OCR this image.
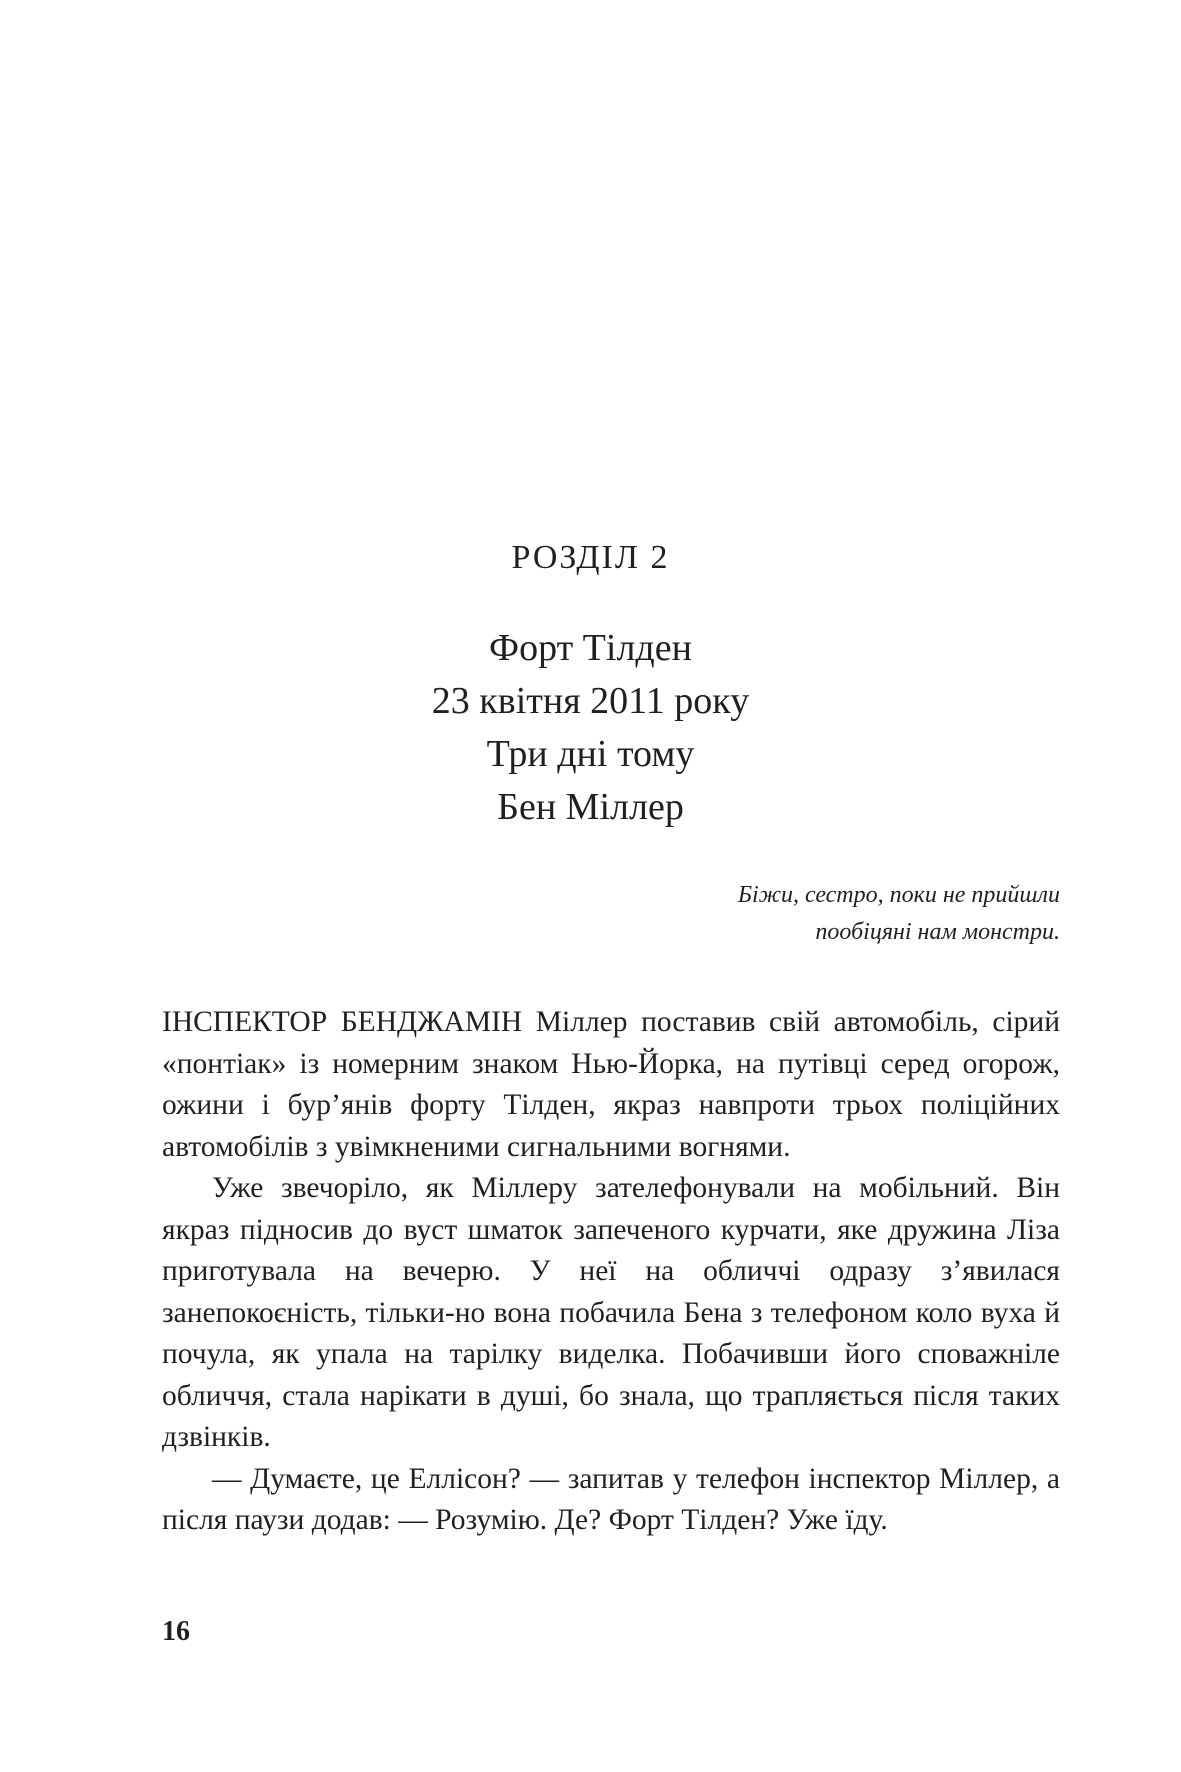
РОЗДІЛ 2
Форт Тілден
23 квітня 2011 року
Три дні тому
Бен Міллер
Біжи, сестро, поки не прийшли
пообіцяні нам монстри.

ІНСПЕКТОР БЕНДЖАМІН Міллер поставив свій автомобіль, сірий «понтіак» із номерним знаком Нью-Йорка, на путівці серед огорож, ожини і бур’янів форту Тілден, якраз навпроти трьох поліційних автомобілів з увімкненими сигнальними вогнями.

Уже звечоріло, як Міллеру зателефонували на мобільний. Він якраз підносив до вуст шматок запеченого курчати, яке дружина Ліза приготувала на вечерю. У неї на обличчі одразу з’явилася занепокоєність, тільки-но вона побачила Бена з телефоном коло вуха й почула, як упала на тарілку виделка. Побачивши його споважніле обличчя, стала нарікати в душі, бо знала, що трапляється після таких дзвінків.

— Думаєте, це Еллісон? — запитав у телефон інспектор Міллер, а після паузи додав: — Розумію. Де? Форт Тілден? Уже їду.

16
